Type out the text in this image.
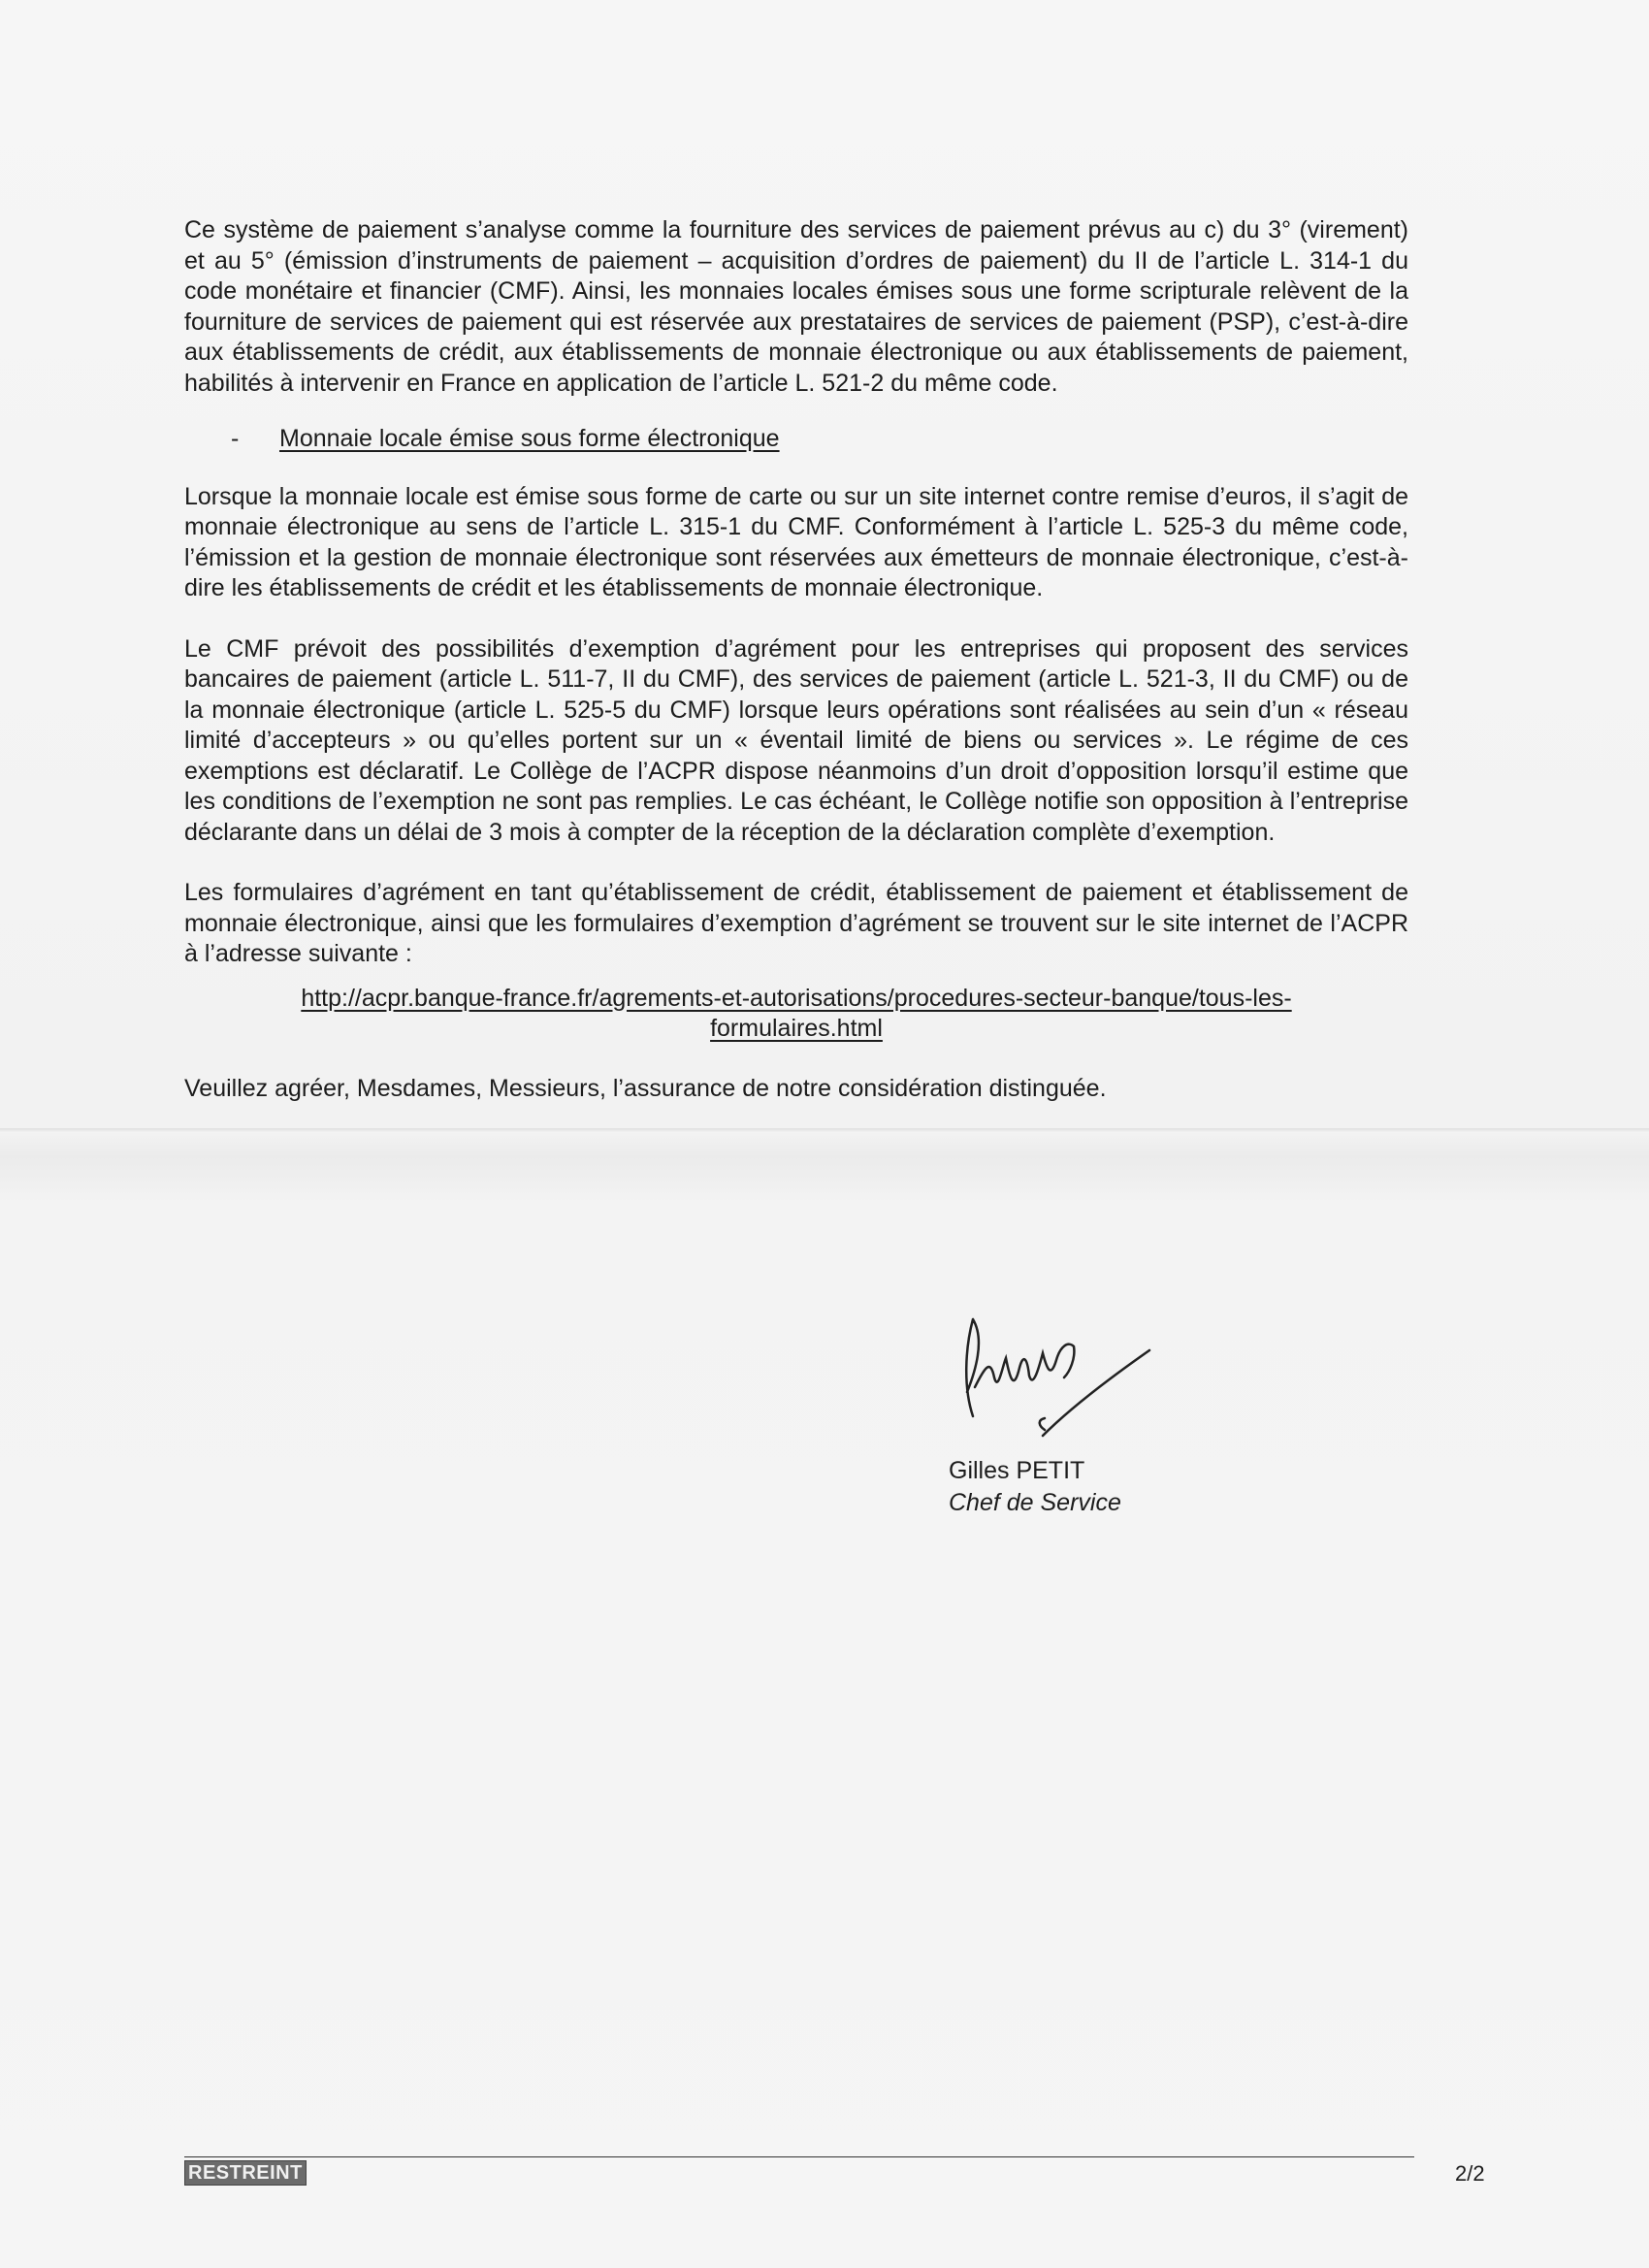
Ce système de paiement s’analyse comme la fourniture des services de paiement prévus au c) du 3° (virement) et au 5° (émission d’instruments de paiement – acquisition d’ordres de paiement) du II de l’article L. 314-1 du code monétaire et financier (CMF). Ainsi, les monnaies locales émises sous une forme scripturale relèvent de la fourniture de services de paiement qui est réservée aux prestataires de services de paiement (PSP), c’est-à-dire aux établissements de crédit, aux établissements de monnaie électronique ou aux établissements de paiement, habilités à intervenir en France en application de l’article L. 521-2 du même code.

-	Monnaie locale émise sous forme électronique

Lorsque la monnaie locale est émise sous forme de carte ou sur un site internet contre remise d’euros, il s’agit de monnaie électronique au sens de l’article L. 315-1 du CMF. Conformément à l’article L. 525-3 du même code, l’émission et la gestion de monnaie électronique sont réservées aux émetteurs de monnaie électronique, c’est-à-dire les établissements de crédit et les établissements de monnaie électronique.

Le CMF prévoit des possibilités d’exemption d’agrément pour les entreprises qui proposent des services bancaires de paiement (article L. 511-7, II du CMF), des services de paiement (article L. 521-3, II du CMF) ou de la monnaie électronique (article L. 525-5 du CMF) lorsque leurs opérations sont réalisées au sein d’un « réseau limité d’accepteurs » ou qu’elles portent sur un « éventail limité de biens ou services ». Le régime de ces exemptions est déclaratif. Le Collège de l’ACPR dispose néanmoins d’un droit d’opposition lorsqu’il estime que les conditions de l’exemption ne sont pas remplies. Le cas échéant, le Collège notifie son opposition à l’entreprise déclarante dans un délai de 3 mois à compter de la réception de la déclaration complète d’exemption.

Les formulaires d’agrément en tant qu’établissement de crédit, établissement de paiement et établissement de monnaie électronique, ainsi que les formulaires d’exemption d’agrément se trouvent sur le site internet de l’ACPR à l’adresse suivante :

http://acpr.banque-france.fr/agrements-et-autorisations/procedures-secteur-banque/tous-les-
formulaires.html

Veuillez agréer, Mesdames, Messieurs, l’assurance de notre considération distinguée.

Gilles PETIT
Chef de Service
RESTREINT	2/2
